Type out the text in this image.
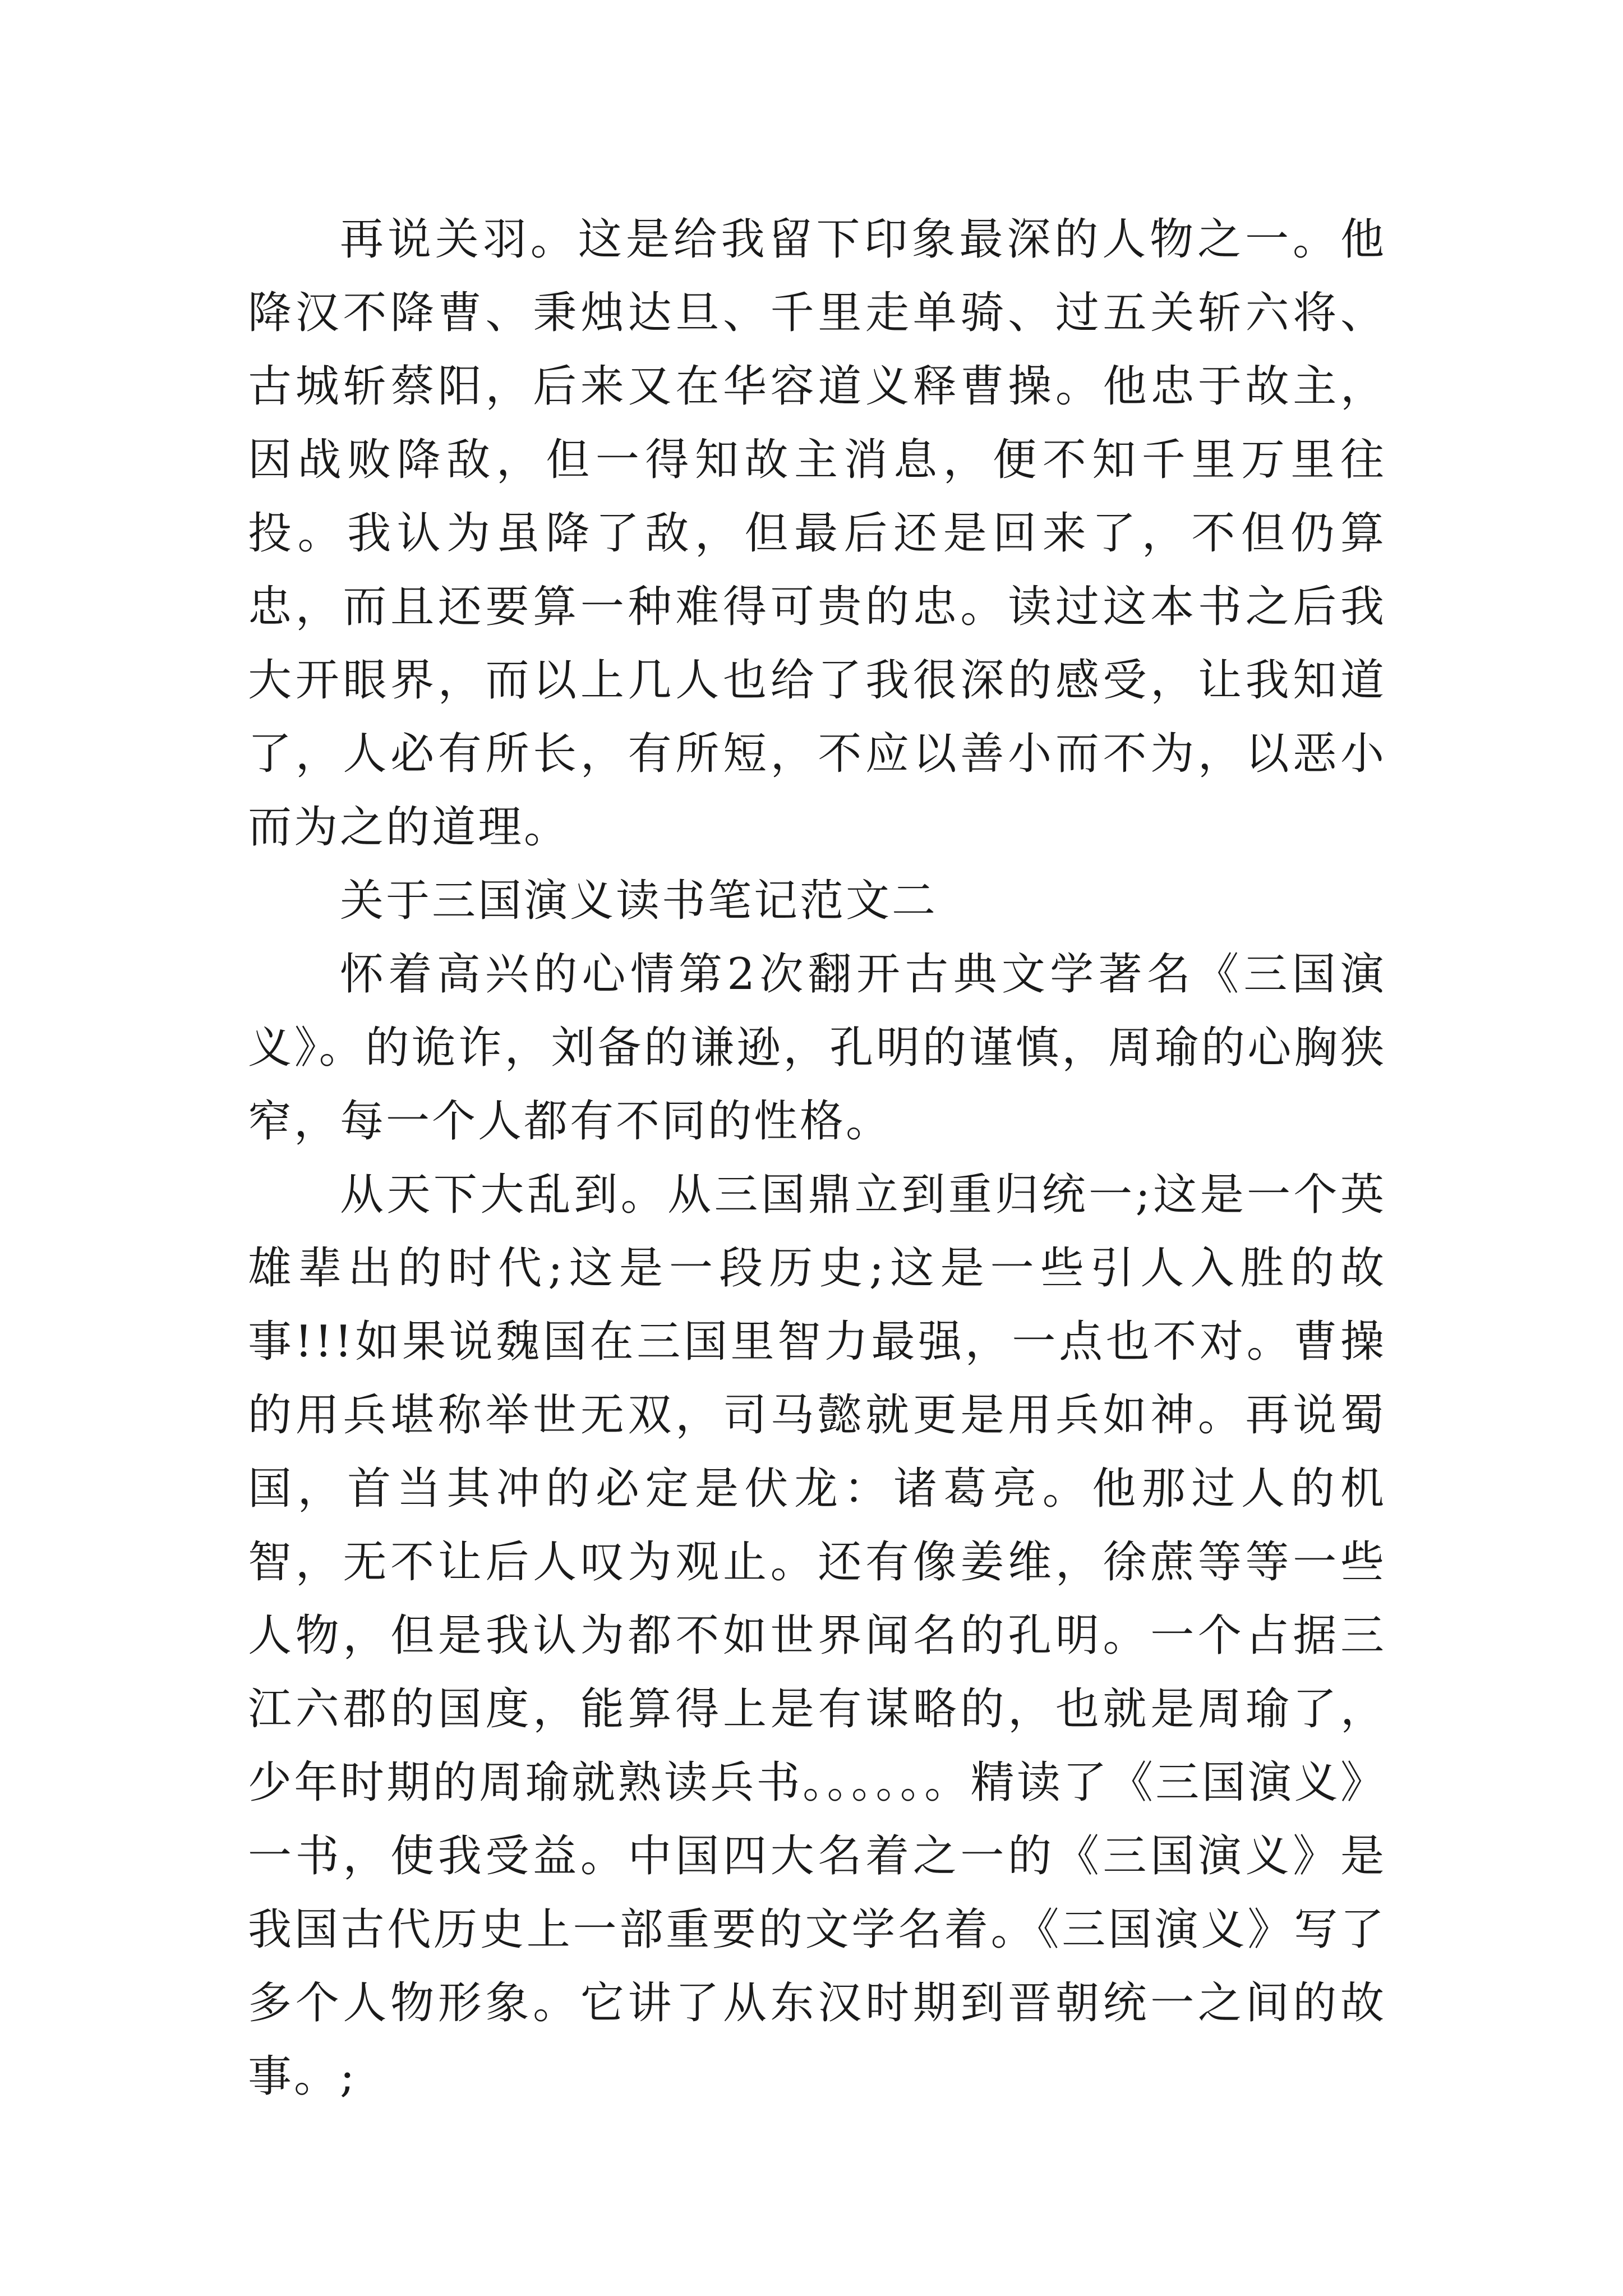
再说关羽。这是给我留下印象最深的人物之一。他降汉不降曹、秉烛达旦、千里走单骑、过五关斩六将、古城斩蔡阳，后来又在华容道义释曹操。他忠于故主，因战败降敌，但一得知故主消息，便不知千里万里往投。我认为虽降了敌，但最后还是回来了，不但仍算忠，而且还要算一种难得可贵的忠。读过这本书之后我大开眼界，而以上几人也给了我很深的感受，让我知道了，人必有所长，有所短，不应以善小而不为，以恶小而为之的道理。

关于三国演义读书笔记范文二

怀着高兴的心情第2次翻开古典文学著名《三国演义》。的诡诈，刘备的谦逊，孔明的谨慎，周瑜的心胸狭窄，每一个人都有不同的性格。

从天下大乱到。从三国鼎立到重归统一;这是一个英雄辈出的时代;这是一段历史;这是一些引人入胜的故事!!!如果说魏国在三国里智力最强，一点也不对。曹操的用兵堪称举世无双，司马懿就更是用兵如神。再说蜀国，首当其冲的必定是伏龙：诸葛亮。他那过人的机智，无不让后人叹为观止。还有像姜维，徐蔗等等一些人物，但是我认为都不如世界闻名的孔明。一个占据三江六郡的国度，能算得上是有谋略的，也就是周瑜了，少年时期的周瑜就熟读兵书。。。。。。精读了《三国演义》一书，使我受益。中国四大名着之一的《三国演义》是我国古代历史上一部重要的文学名着。《三国演义》写了多个人物形象。它讲了从东汉时期到晋朝统一之间的故事。;
